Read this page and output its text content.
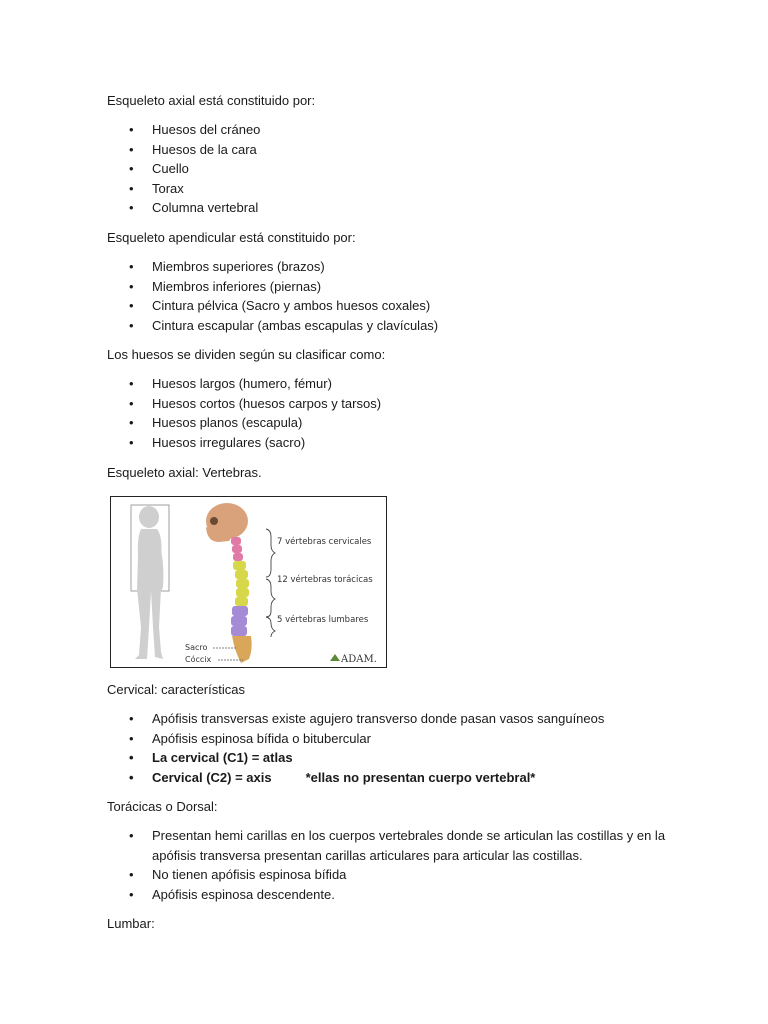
Esqueleto axial está constituido por:

• Huesos del cráneo
• Huesos de la cara
• Cuello
• Torax
• Columna vertebral

Esqueleto apendicular está constituido por:

• Miembros superiores (brazos)
• Miembros inferiores (piernas)
• Cintura pélvica (Sacro y ambos huesos coxales)
• Cintura escapular (ambas escapulas y clavículas)

Los huesos se dividen según su clasificar como:

• Huesos largos (humero, fémur)
• Huesos cortos (huesos carpos y tarsos)
• Huesos planos (escapula)
• Huesos irregulares (sacro)

Esqueleto axial: Vertebras.

7 vértebras cervicales
12 vértebras torácicas
5 vértebras lumbares
Sacro
Cóccix	ADAM.

Cervical: características

• Apófisis transversas existe agujero transverso donde pasan vasos sanguíneos
• Apófisis espinosa bífida o bitubercular
• La cervical (C1) = atlas
• Cervical (C2) = axis	*ellas no presentan cuerpo vertebral*

Torácicas o Dorsal:

• Presentan hemi carillas en los cuerpos vertebrales donde se articulan las costillas y en la apófisis transversa presentan carillas articulares para articular las costillas.
• No tienen apófisis espinosa bífida
• Apófisis espinosa descendente.

Lumbar:
